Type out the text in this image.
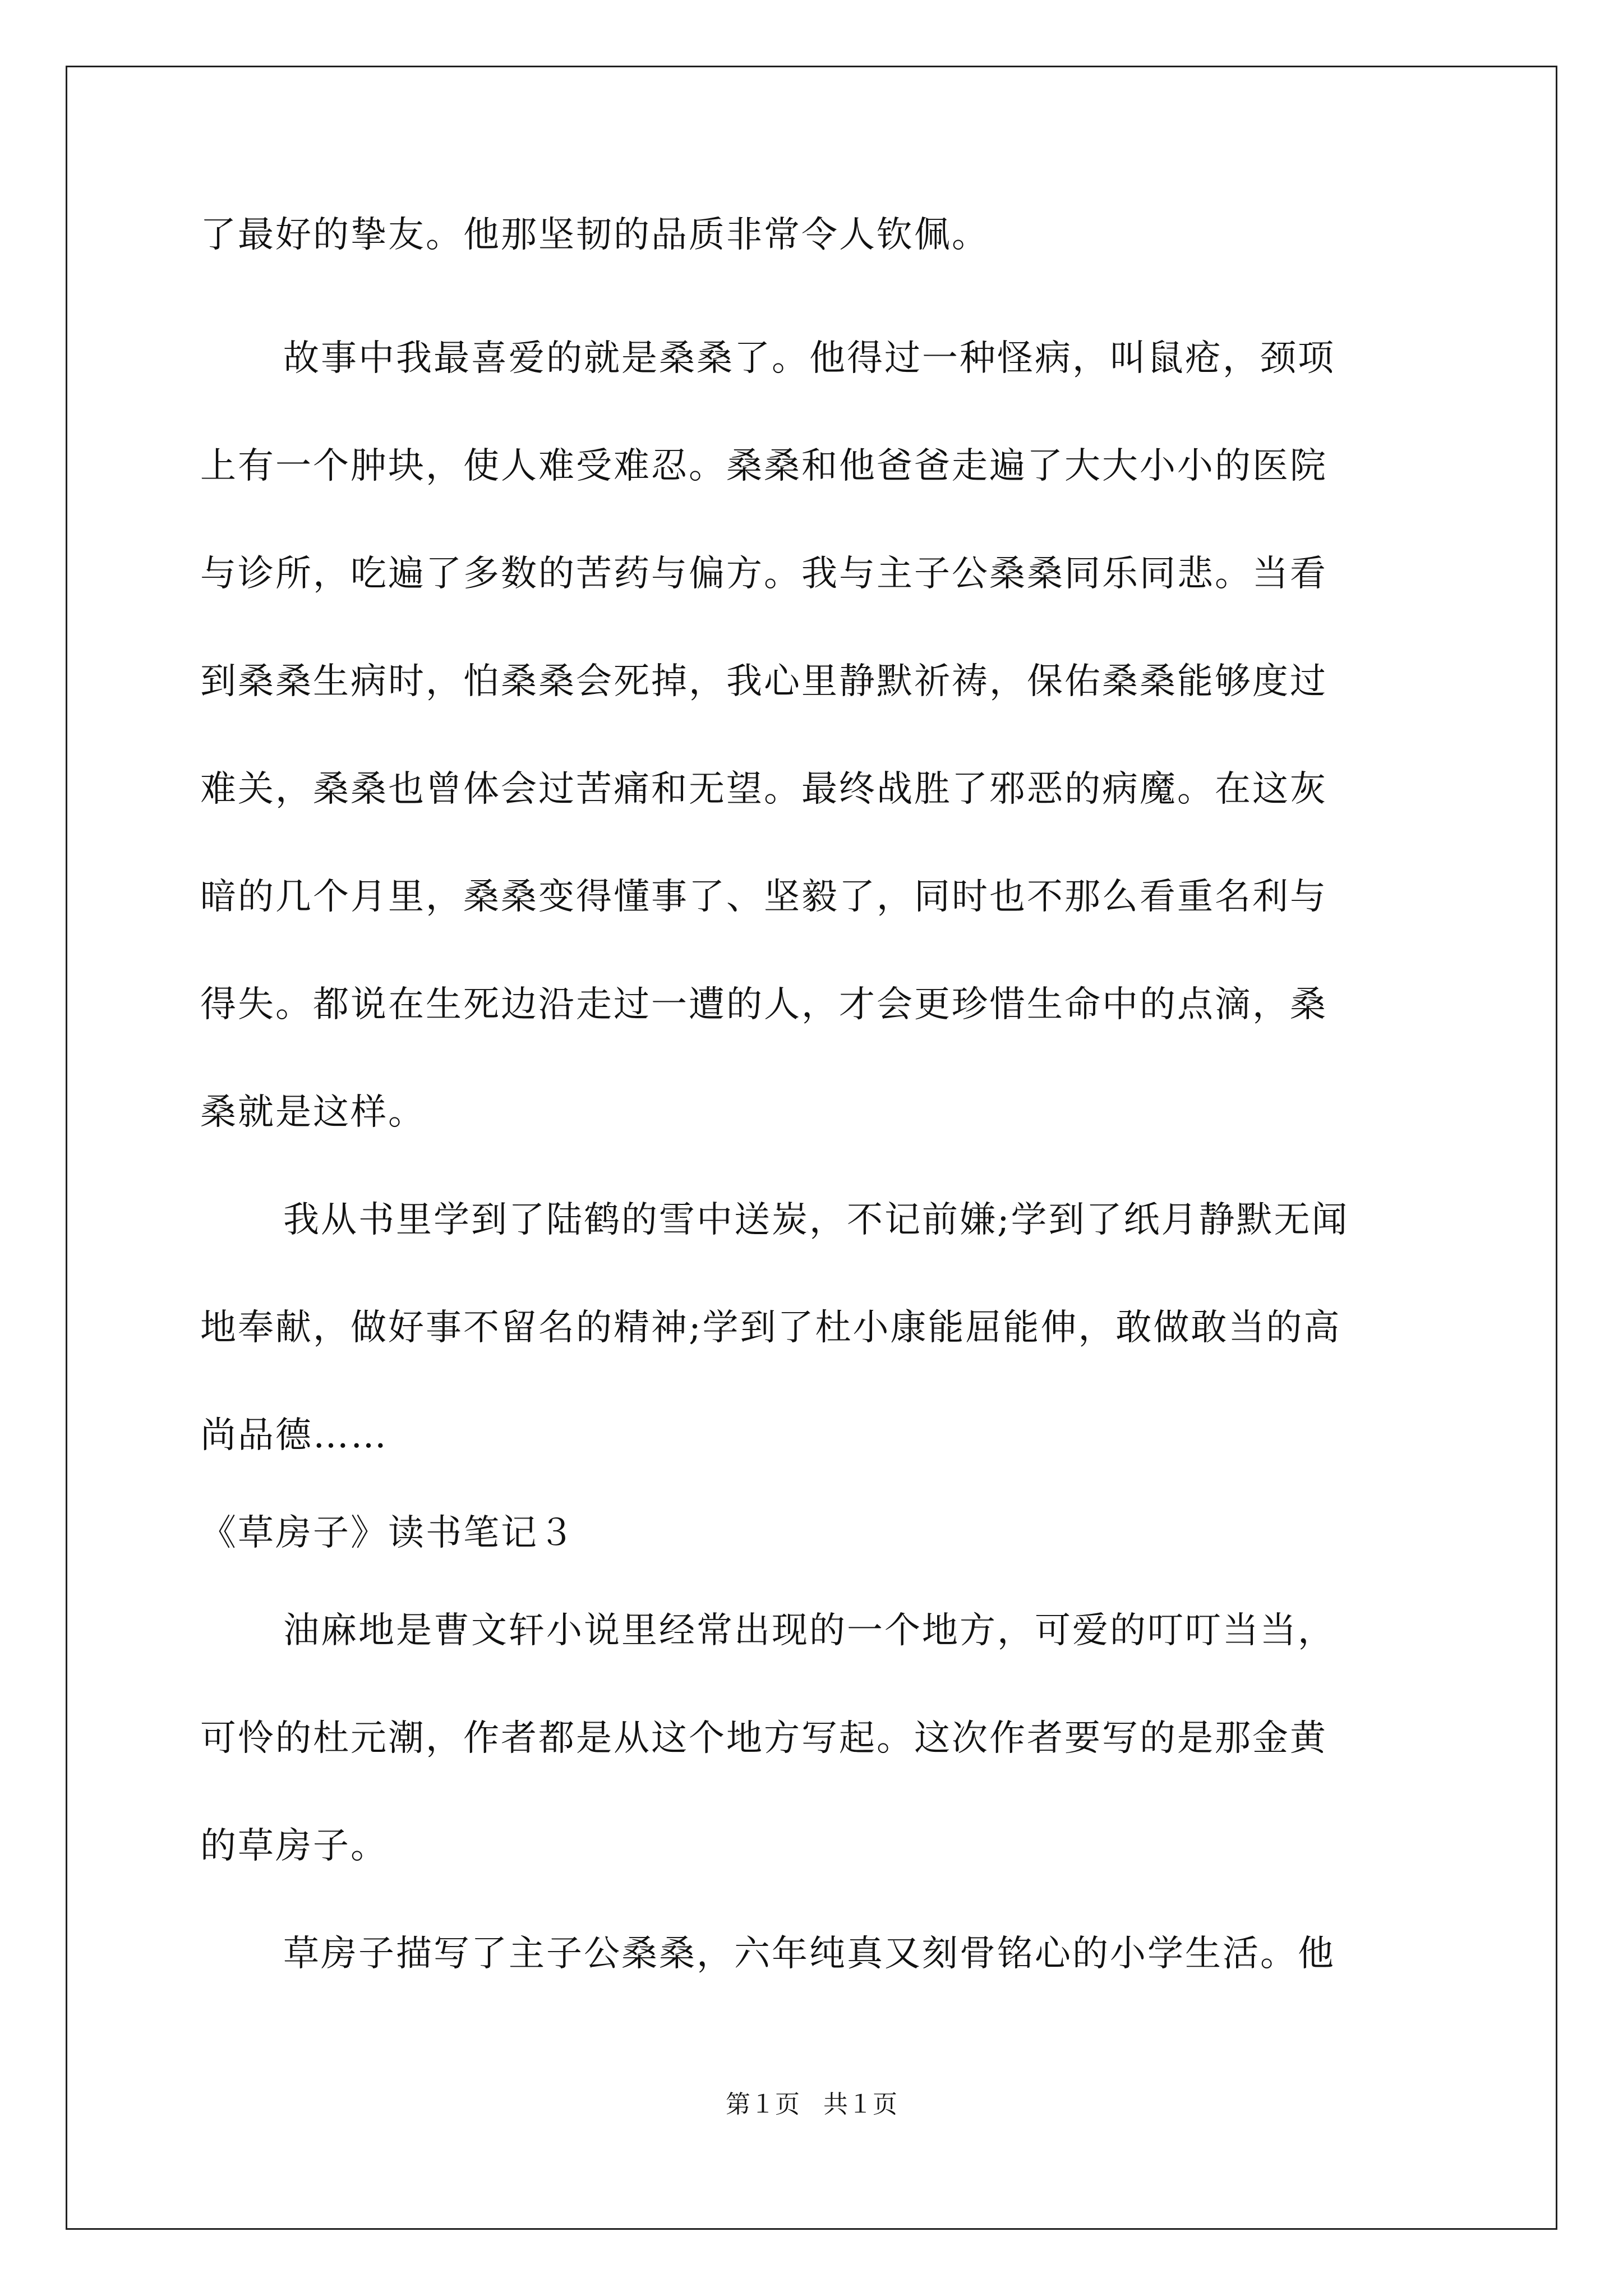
了最好的挚友。他那坚韧的品质非常令人钦佩。
故事中我最喜爱的就是桑桑了。他得过一种怪病，叫鼠疮，颈项
上有一个肿块，使人难受难忍。桑桑和他爸爸走遍了大大小小的医院
与诊所，吃遍了多数的苦药与偏方。我与主子公桑桑同乐同悲。当看
到桑桑生病时，怕桑桑会死掉，我心里静默祈祷，保佑桑桑能够度过
难关，桑桑也曾体会过苦痛和无望。最终战胜了邪恶的病魔。在这灰
暗的几个月里，桑桑变得懂事了、坚毅了，同时也不那么看重名利与
得失。都说在生死边沿走过一遭的人，才会更珍惜生命中的点滴，桑
桑就是这样。
我从书里学到了陆鹤的雪中送炭，不记前嫌;学到了纸月静默无闻
地奉献，做好事不留名的精神;学到了杜小康能屈能伸，敢做敢当的高
尚品德……
《草房子》读书笔记３
油麻地是曹文轩小说里经常出现的一个地方，可爱的叮叮当当，
可怜的杜元潮，作者都是从这个地方写起。这次作者要写的是那金黄
的草房子。
草房子描写了主子公桑桑，六年纯真又刻骨铭心的小学生活。他
第１页 共１页
